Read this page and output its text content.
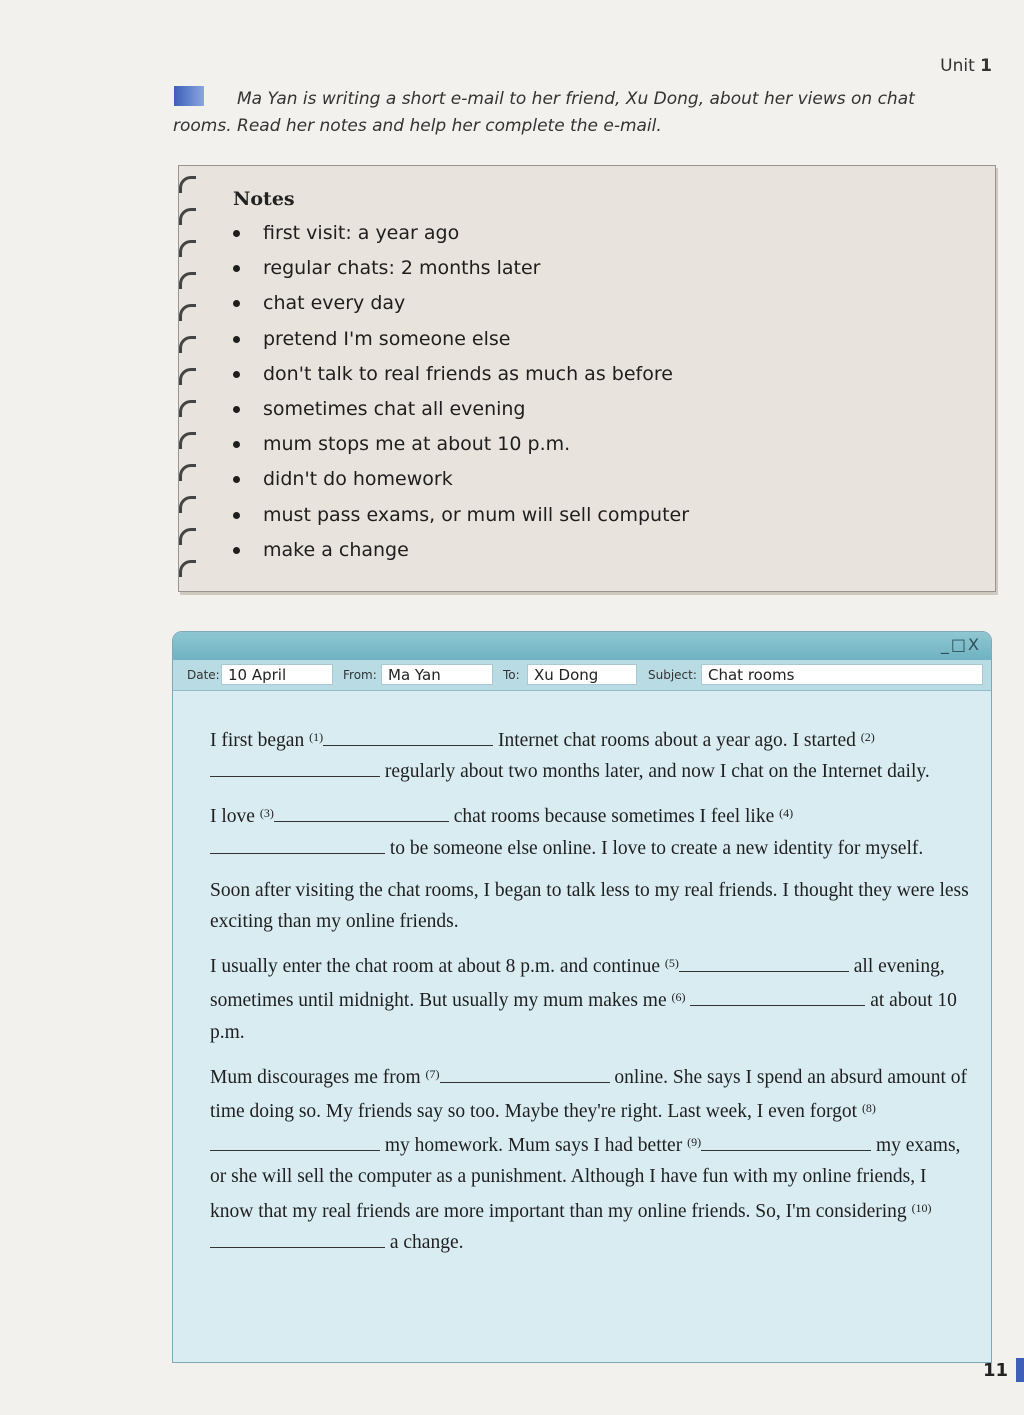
Unit 1

Ma Yan is writing a short e-mail to her friend, Xu Dong, about her views on chat rooms. Read her notes and help her complete the e-mail.

Notes
first visit: a year ago
regular chats: 2 months later
chat every day
pretend I'm someone else
don't talk to real friends as much as before
sometimes chat all evening
mum stops me at about 10 p.m.
didn't do homework
must pass exams, or mum will sell computer
make a change
_□X
Date: 10 April	From: Ma Yan	To: Xu Dong	Subject: Chat rooms

I first began $^{(1)}$	Internet chat rooms about a year ago. I started $^{(2)}$  regularly about two months later, and now I chat on the Internet daily.

I love $^{(3)}$	chat rooms because sometimes I feel like $^{(4)}$  to be someone else online. I love to create a new identity for myself.

Soon after visiting the chat rooms, I began to talk less to my real friends. I thought they were less exciting than my online friends.

I usually enter the chat room at about 8 p.m. and continue $^{(5)}$	all evening, sometimes until midnight. But usually my mum makes me $^{(6)}$	at about 10 p.m.

Mum discourages me from $^{(7)}$	online. She says I spend an absurd amount of time doing so. My friends say so too. Maybe they're right. Last week, I even forgot $^{(8)}$ my homework. Mum says I had better $^{(9)}$	my exams, or she will sell the computer as a punishment. Although I have fun with my online friends, I know that my real friends are more important than my online friends. So, I'm considering $^{(10)}$ a change.

11
